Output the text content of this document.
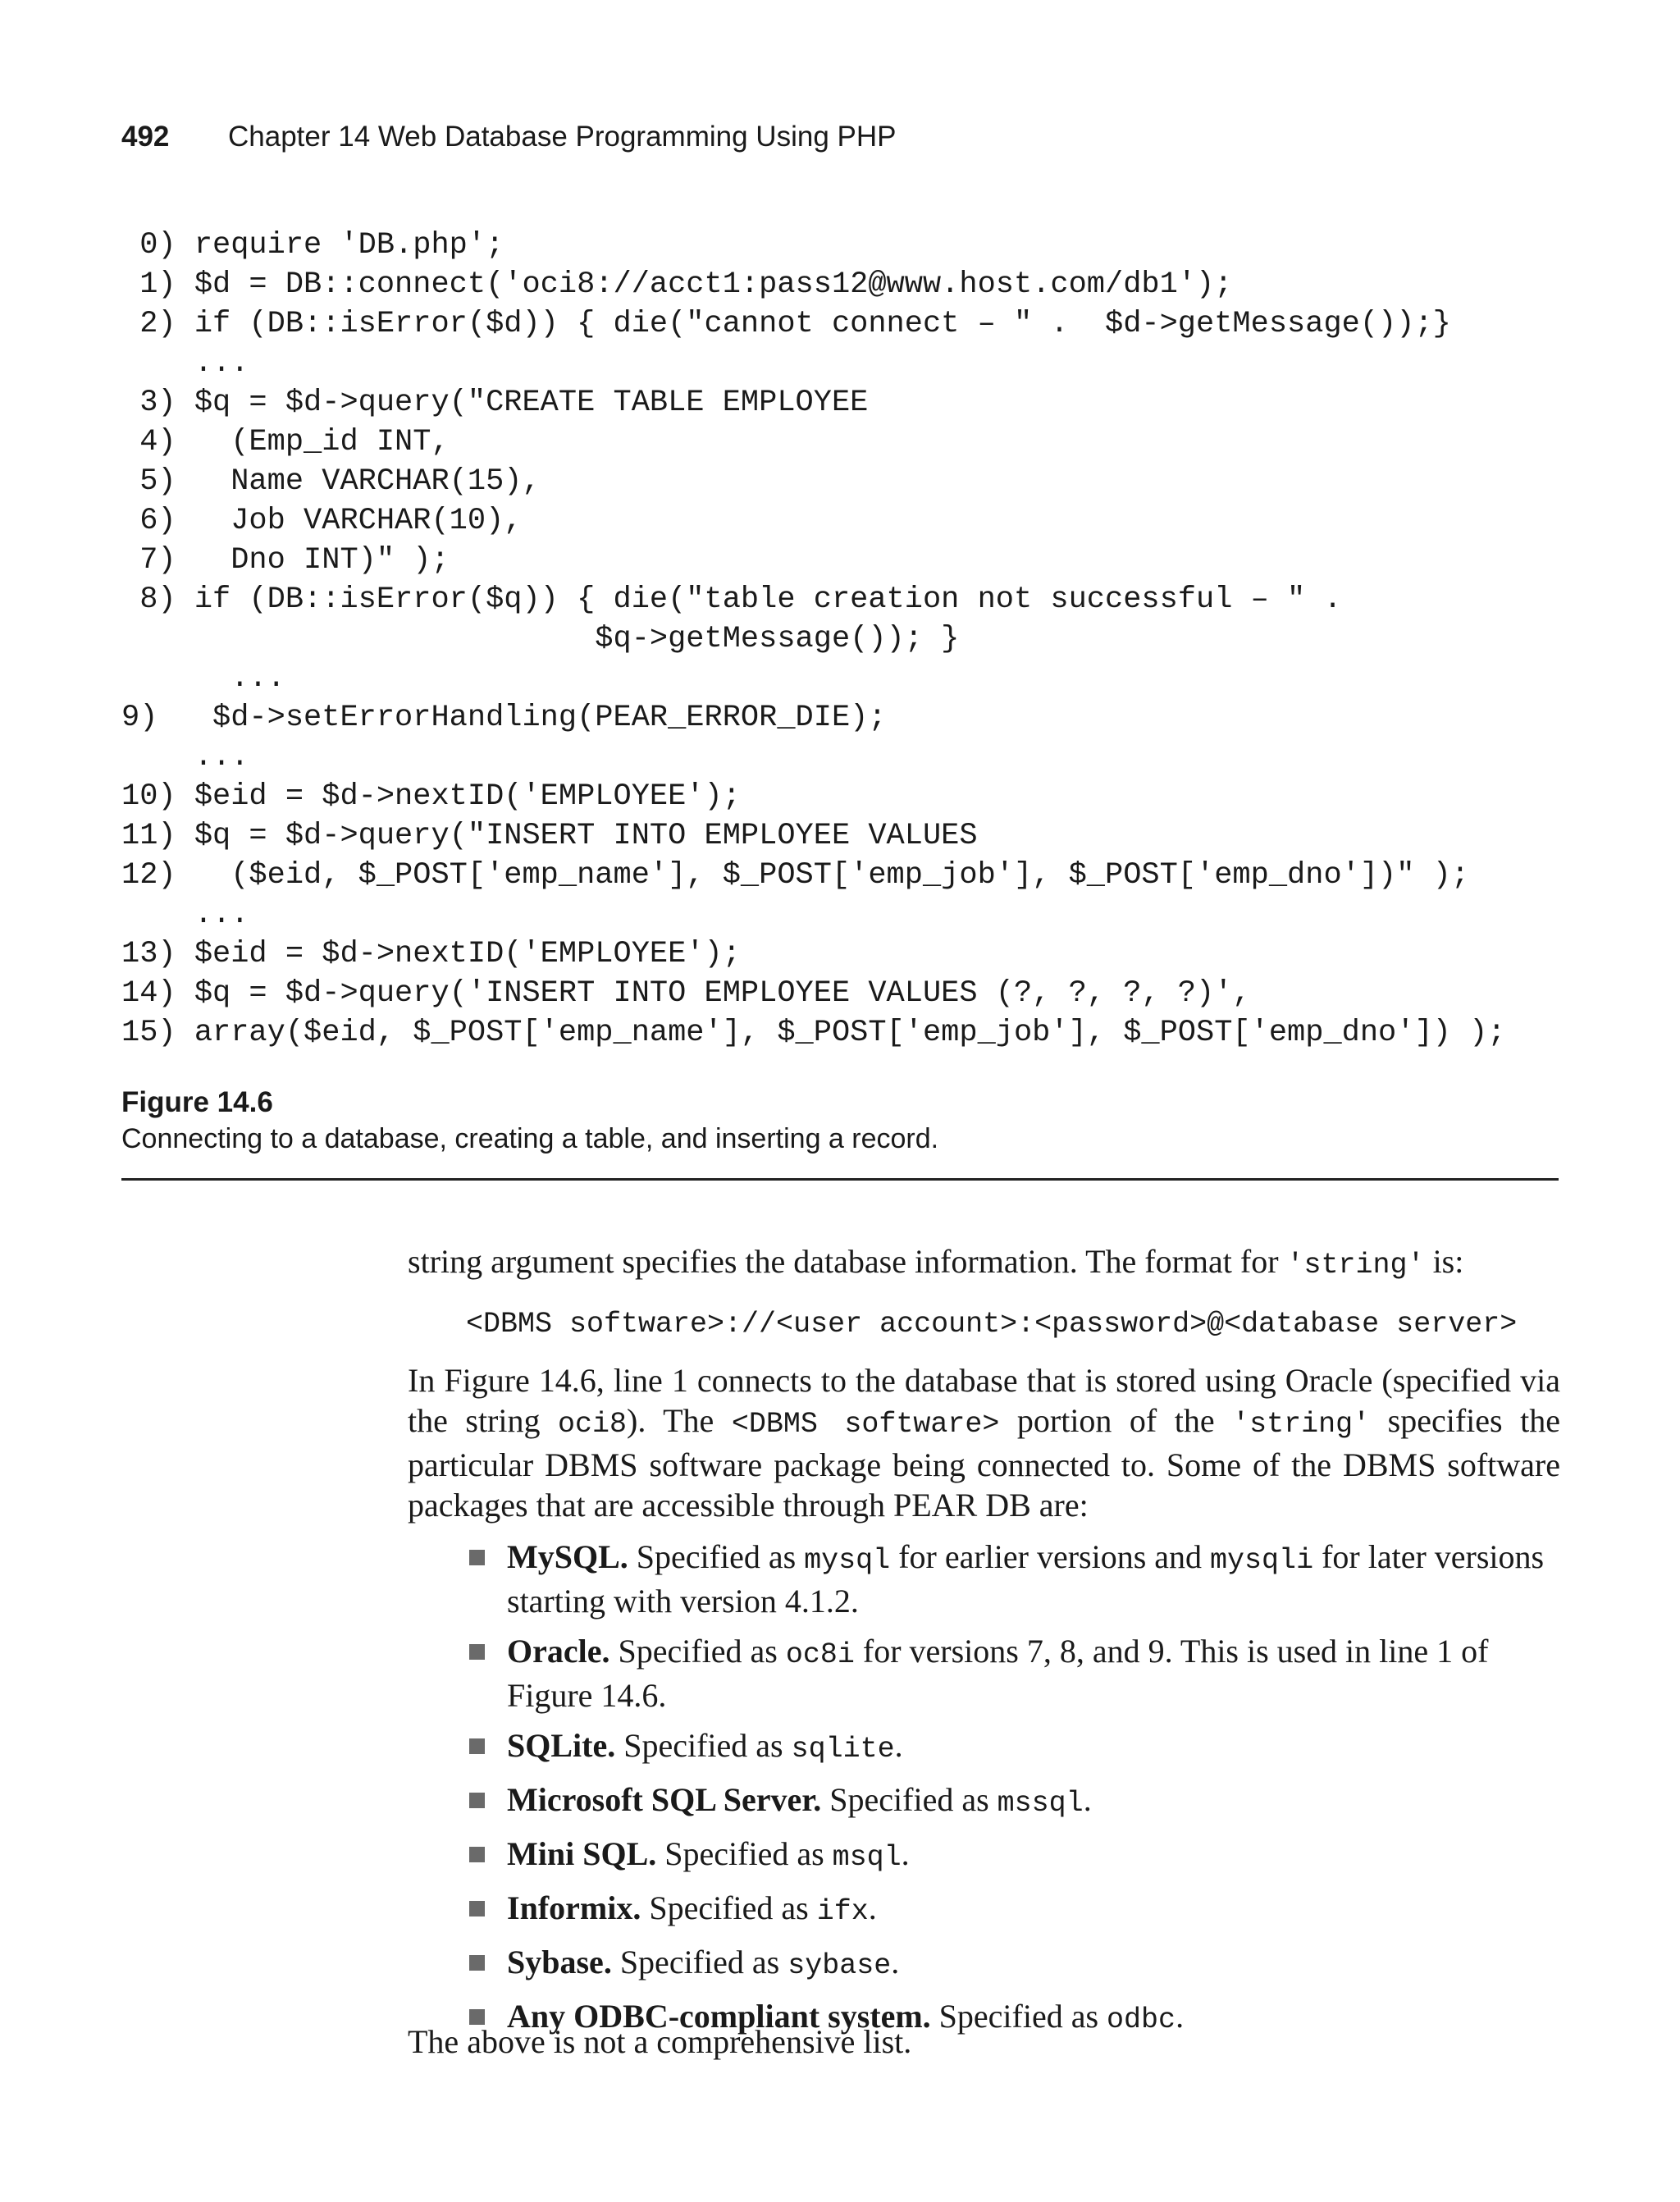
492 Chapter 14 Web Database Programming Using PHP
0) require 'DB.php';
1) $d = DB::connect('oci8://acct1:pass12@www.host.com/db1');
2) if (DB::isError($d)) { die("cannot connect – " .  $d->getMessage());}
...
3) $q = $d->query("CREATE TABLE EMPLOYEE
4)   (Emp_id INT,
5)   Name VARCHAR(15),
6)   Job VARCHAR(10),
7)   Dno INT)" );
8) if (DB::isError($q)) { die("table creation not successful – " .
$q->getMessage()); }
...
9)   $d->setErrorHandling(PEAR_ERROR_DIE);
...
10) $eid = $d->nextID('EMPLOYEE');
11) $q = $d->query("INSERT INTO EMPLOYEE VALUES
12)   ($eid, $_POST['emp_name'], $_POST['emp_job'], $_POST['emp_dno'])" );
...
13) $eid = $d->nextID('EMPLOYEE');
14) $q = $d->query('INSERT INTO EMPLOYEE VALUES (?, ?, ?, ?)',
15) array($eid, $_POST['emp_name'], $_POST['emp_job'], $_POST['emp_dno']) );
Figure 14.6
Connecting to a database, creating a table, and inserting a record.
string argument specifies the database information. The format for 'string' is:
<DBMS software>://<user account>:<password>@<database server>
In Figure 14.6, line 1 connects to the database that is stored using Oracle (specified via the string oci8). The <DBMS software> portion of the 'string' specifies the particular DBMS software package being connected to. Some of the DBMS software packages that are accessible through PEAR DB are:
MySQL. Specified as mysql for earlier versions and mysqli for later versions starting with version 4.1.2.
Oracle. Specified as oc8i for versions 7, 8, and 9. This is used in line 1 of Figure 14.6.
SQLite. Specified as sqlite.
Microsoft SQL Server. Specified as mssql.
Mini SQL. Specified as msql.
Informix. Specified as ifx.
Sybase. Specified as sybase.
Any ODBC-compliant system. Specified as odbc.
The above is not a comprehensive list.
